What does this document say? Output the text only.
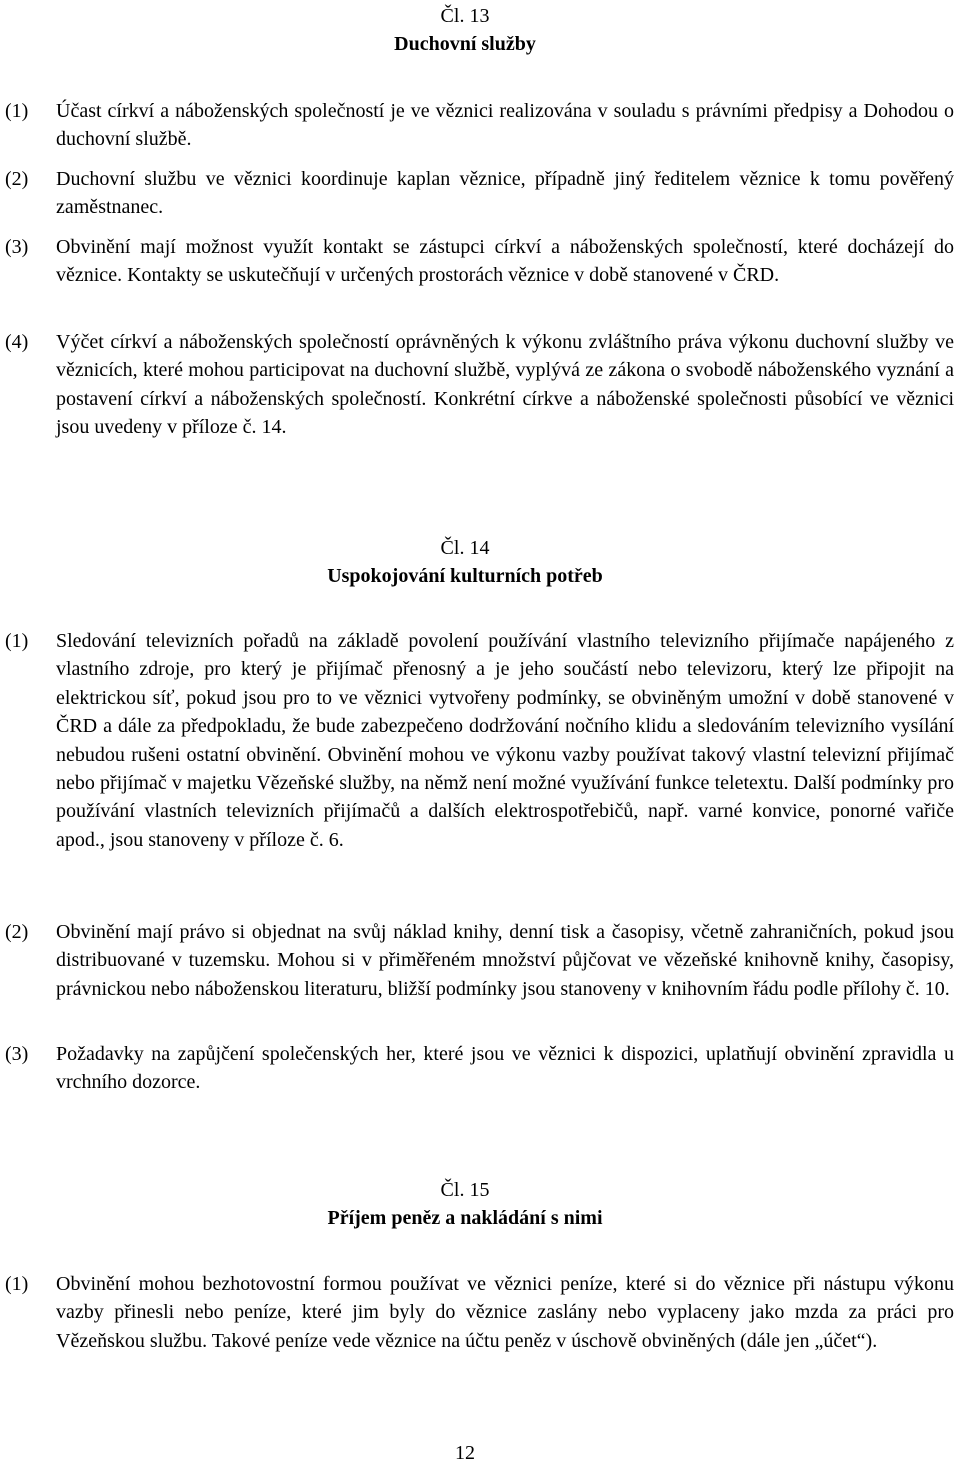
Čl. 13
Duchovní služby
(1) Účast církví a náboženských společností je ve věznici realizována v souladu s právními předpisy a Dohodou o duchovní službě.
(2) Duchovní službu ve věznici koordinuje kaplan věznice, případně jiný ředitelem věznice k tomu pověřený zaměstnanec.
(3) Obvinění mají možnost využít kontakt se zástupci církví a náboženských společností, které docházejí do věznice. Kontakty se uskutečňují v určených prostorách věznice v době stanovené v ČRD.
(4) Výčet církví a náboženských společností oprávněných k výkonu zvláštního práva výkonu duchovní služby ve věznicích, které mohou participovat na duchovní službě, vyplývá ze zákona o svobodě náboženského vyznání a postavení církví a náboženských společností. Konkrétní církve a náboženské společnosti působící ve věznici jsou uvedeny v příloze č. 14.
Čl. 14
Uspokojování kulturních potřeb
(1) Sledování televizních pořadů na základě povolení používání vlastního televizního přijímače napájeného z vlastního zdroje, pro který je přijímač přenosný a je jeho součástí nebo televizoru, který lze připojit na elektrickou síť, pokud jsou pro to ve věznici vytvořeny podmínky, se obviněným umožní v době stanovené v ČRD a dále za předpokladu, že bude zabezpečeno dodržování nočního klidu a sledováním televizního vysílání nebudou rušeni ostatní obvinění. Obvinění mohou ve výkonu vazby používat takový vlastní televizní přijímač nebo přijímač v majetku Vězeňské služby, na němž není možné využívání funkce teletextu. Další podmínky pro používání vlastních televizních přijímačů a dalších elektrospotřebičů, např. varné konvice, ponorné vařiče apod., jsou stanoveny v příloze č. 6.
(2) Obvinění mají právo si objednat na svůj náklad knihy, denní tisk a časopisy, včetně zahraničních, pokud jsou distribuované v tuzemsku. Mohou si v přiměřeném množství půjčovat ve vězeňské knihovně knihy, časopisy, právnickou nebo náboženskou literaturu, bližší podmínky jsou stanoveny v knihovním řádu podle přílohy č. 10.
(3) Požadavky na zapůjčení společenských her, které jsou ve věznici k dispozici, uplatňují obvinění zpravidla u vrchního dozorce.
Čl. 15
Příjem peněz a nakládání s nimi
(1) Obvinění mohou bezhotovostní formou používat ve věznici peníze, které si do věznice při nástupu výkonu vazby přinesli nebo peníze, které jim byly do věznice zaslány nebo vyplaceny jako mzda za práci pro Vězeňskou službu. Takové peníze vede věznice na účtu peněz v úschově obviněných (dále jen „účet“).
12
